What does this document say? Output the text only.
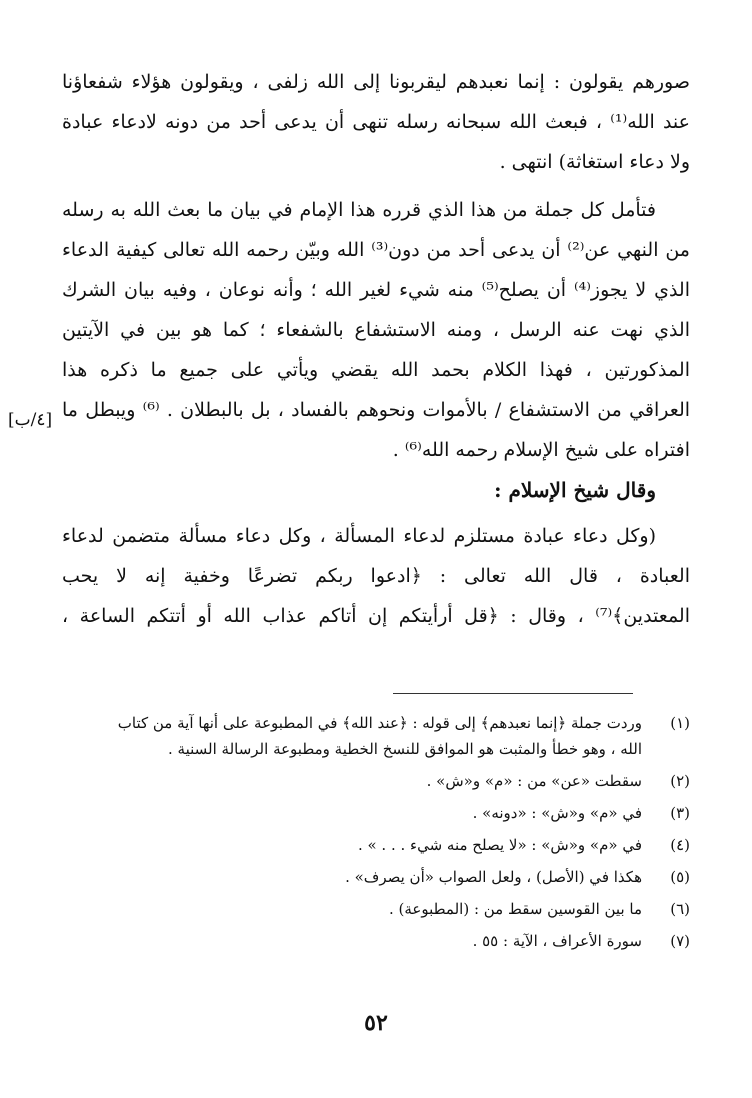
صورهم يقولون : إنما نعبدهم ليقربونا إلى الله زلفى ، ويقولون هؤلاء شفعاؤنا
عند الله⁽¹⁾ ، فبعث الله سبحانه رسله تنهى أن يدعى أحد من دونه لادعاء عبادة
ولا دعاء استغاثة) انتهى .
فتأمل كل جملة من هذا الذي قرره هذا الإمام في بيان ما بعث الله به رسله
من النهي عن⁽²⁾ أن يدعى أحد من دون⁽³⁾ الله وبيّن رحمه الله تعالى كيفية الدعاء
الذي لا يجوز⁽⁴⁾ أن يصلح⁽⁵⁾ منه شيء لغير الله ؛ وأنه نوعان ، وفيه بيان الشرك
الذي نهت عنه الرسل ، ومنه الاستشفاع بالشفعاء ؛ كما هو بين في الآيتين
المذكورتين ، فهذا الكلام بحمد الله يقضي ويأتي على جميع ما ذكره هذا
العراقي من الاستشفاع / بالأموات ونحوهم بالفساد ، بل بالبطلان . ⁽⁶⁾ ويبطل ما
افتراه على شيخ الإسلام رحمه الله⁽⁶⁾ .
وقال شيخ الإسلام :
(وكل دعاء عبادة مستلزم لدعاء المسألة ، وكل دعاء مسألة متضمن لدعاء
العبادة ، قال الله تعالى : ﴿ادعوا ربكم تضرعًا وخفية إنه لا يحب
المعتدين﴾⁽⁷⁾ ، وقال : ﴿قل أرأيتكم إن أتاكم عذاب الله أو أتتكم الساعة ،
[٤/ب]
(١)
وردت جملة ﴿إنما نعبدهم﴾ إلى قوله : ﴿عند الله﴾ في المطبوعة على أنها آية من كتاب
الله ، وهو خطأ والمثبت هو الموافق للنسخ الخطية ومطبوعة الرسالة السنية .
(٢)
سقطت «عن» من : «م» و«ش» .
(٣)
في «م» و«ش» : «دونه» .
(٤)
في «م» و«ش» : «لا يصلح منه شيء . . . » .
(٥)
هكذا في (الأصل) ، ولعل الصواب «أن يصرف» .
(٦)
ما بين القوسين سقط من : (المطبوعة) .
(٧)
سورة الأعراف ، الآية : ٥٥ .
٥٢
